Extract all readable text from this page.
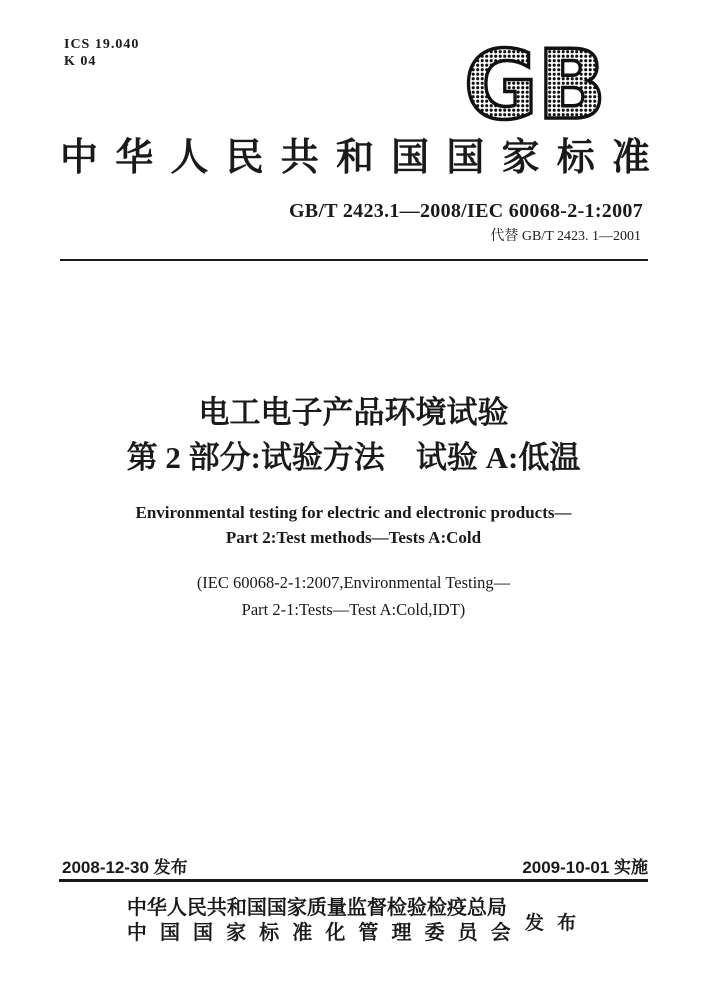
ICS 19.040
K 04	GB
中 华 人 民 共 和 国 国 家 标 准
GB/T 2423.1—2008/IEC 60068-2-1:2007
代替 GB/T 2423. 1—2001
电工电子产品环境试验
第 2 部分:试验方法　试验 A:低温
Environmental testing for electric and electronic products—
Part 2:Test methods—Tests A:Cold
(IEC 60068-2-1:2007,Environmental Testing—
Part 2-1:Tests—Test A:Cold,IDT)
2008-12-30 发布	2009-10-01 实施
中华人民共和国国家质量监督检验检疫总局
中 国 国 家 标 准 化 管 理 委 员 会 发 布
